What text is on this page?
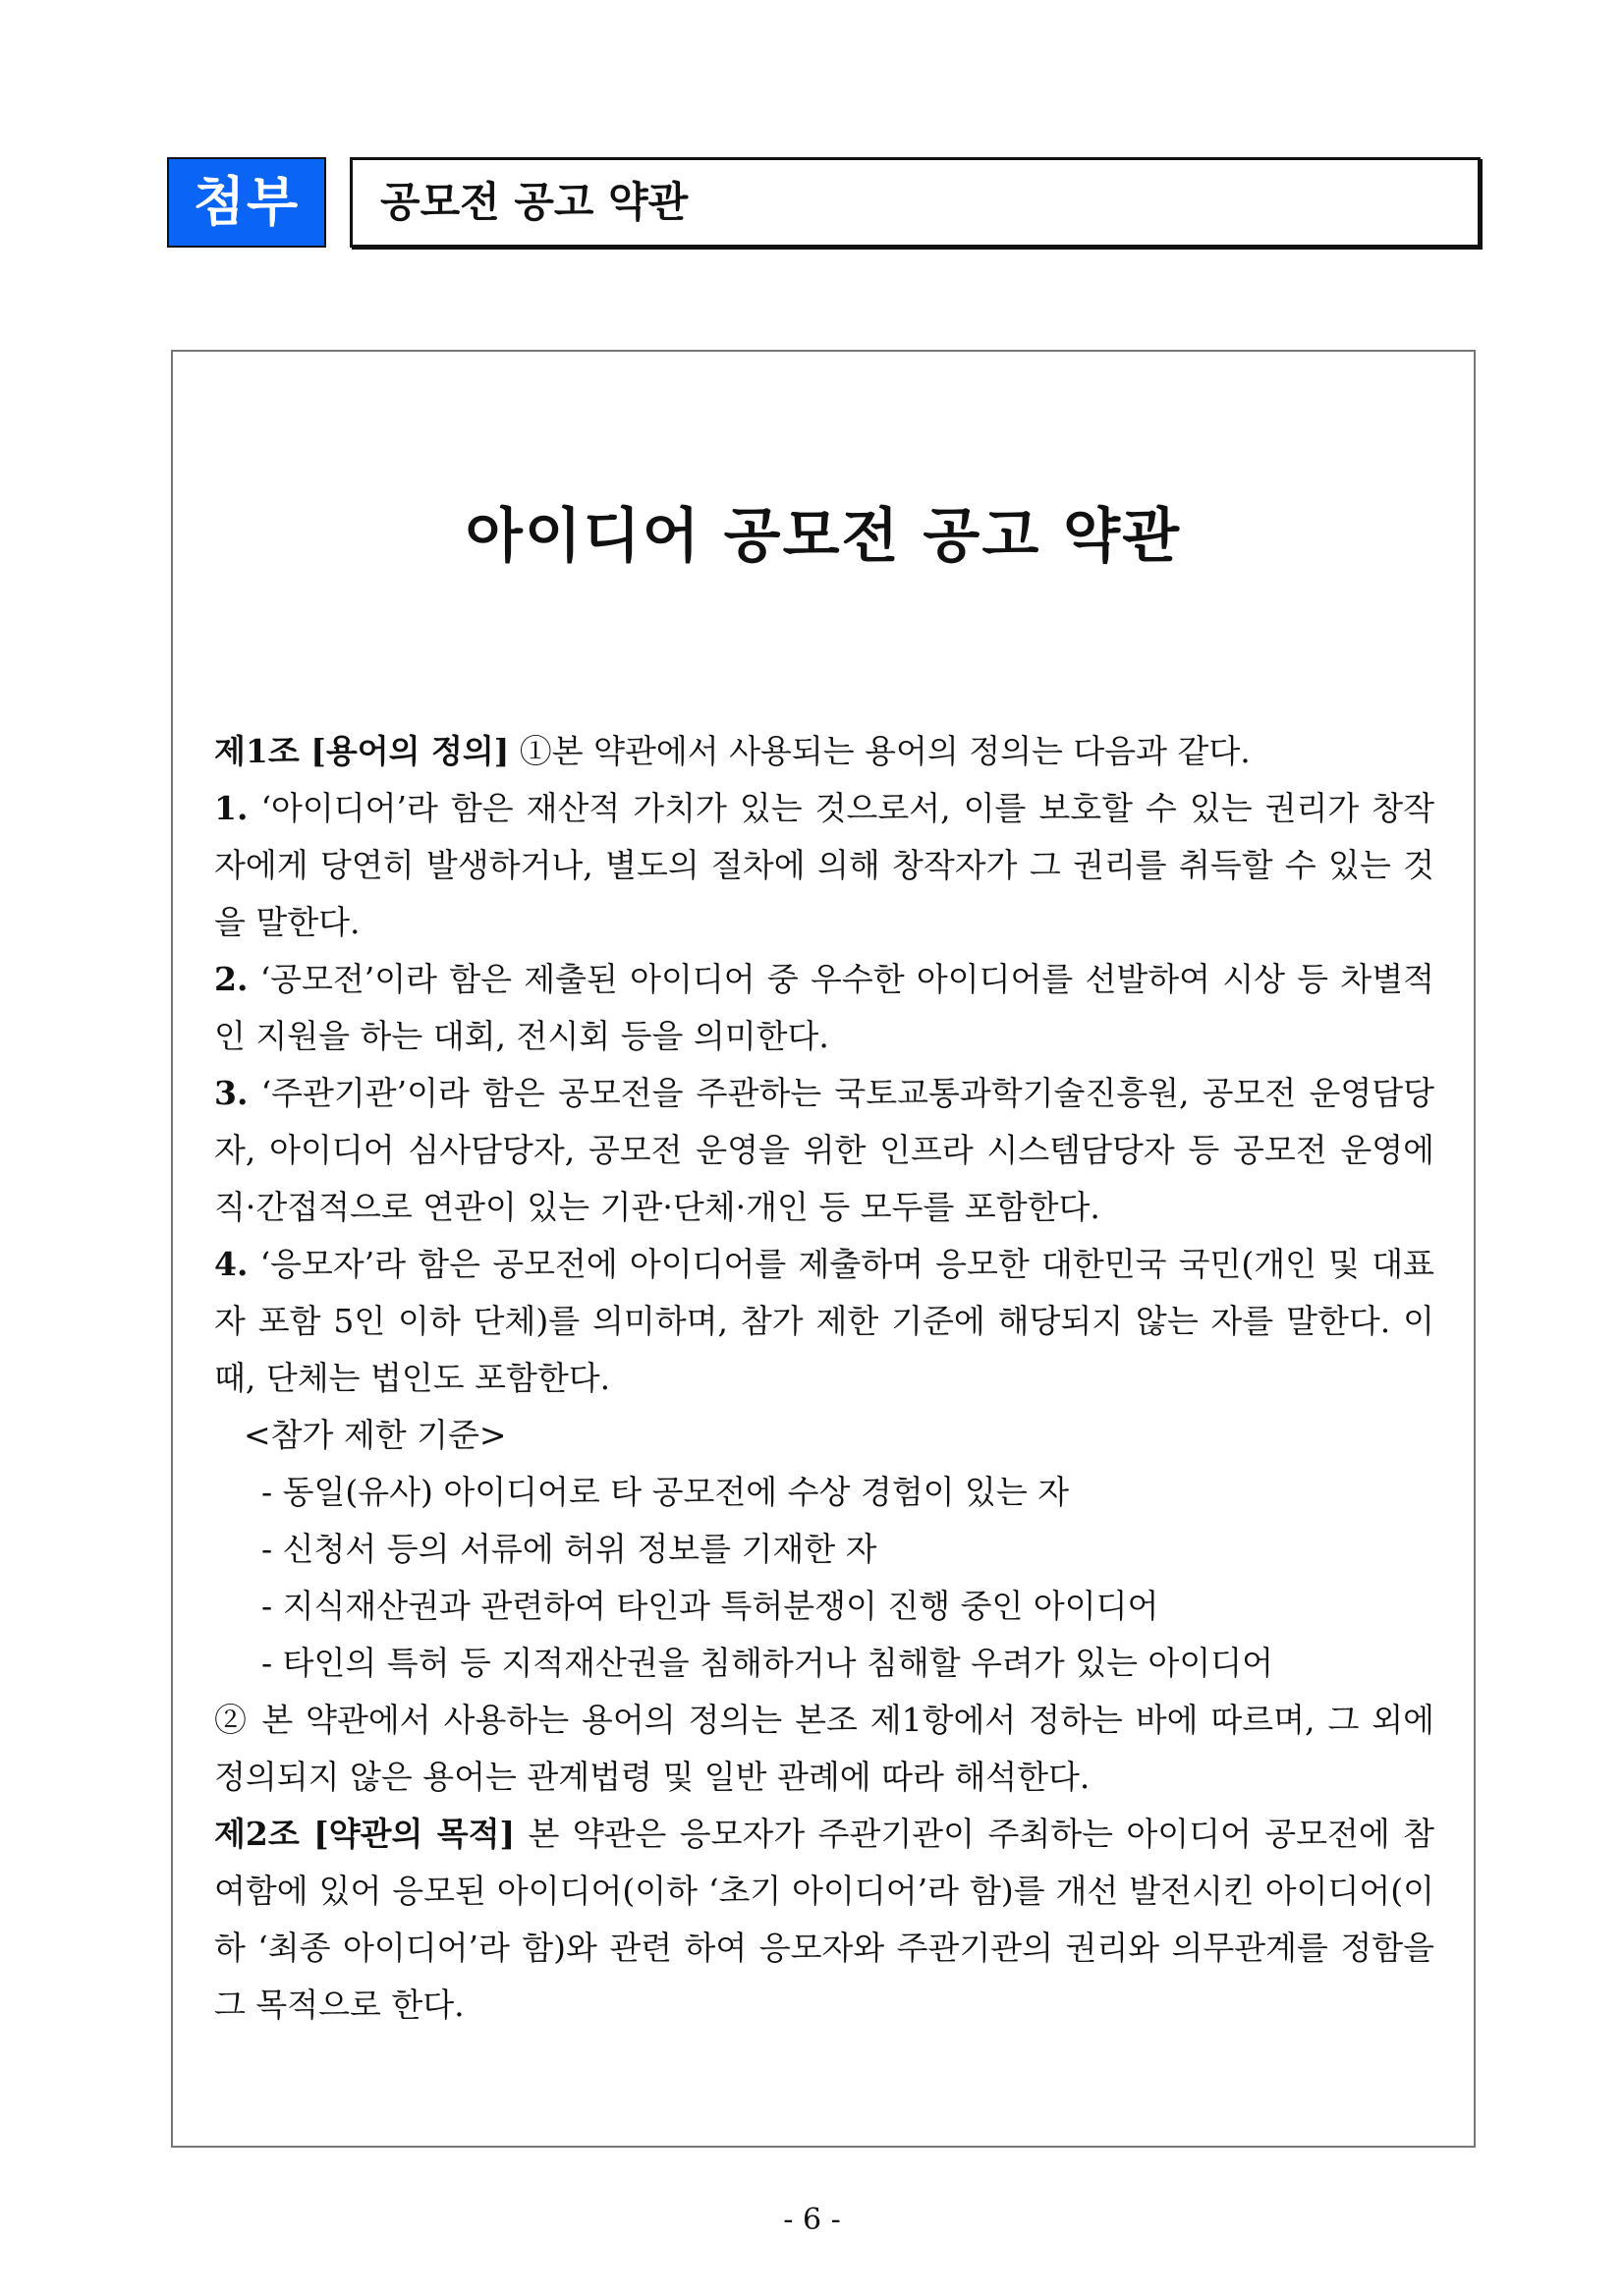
첨부	공모전 공고 약관
아이디어 공모전 공고 약관

제1조 [용어의 정의] ①본 약관에서 사용되는 용어의 정의는 다음과 같다.

1. ‘아이디어’라 함은 재산적 가치가 있는 것으로서, 이를 보호할 수 있는 권리가 창작자에게 당연히 발생하거나, 별도의 절차에 의해 창작자가 그 권리를 취득할 수 있는 것을 말한다.

2. ‘공모전’이라 함은 제출된 아이디어 중 우수한 아이디어를 선발하여 시상 등 차별적인 지원을 하는 대회, 전시회 등을 의미한다.

3. ‘주관기관’이라 함은 공모전을 주관하는 국토교통과학기술진흥원, 공모전 운영담당자, 아이디어 심사담당자, 공모전 운영을 위한 인프라 시스템담당자 등 공모전 운영에 직·간접적으로 연관이 있는 기관·단체·개인 등 모두를 포함한다.

4. ‘응모자’라 함은 공모전에 아이디어를 제출하며 응모한 대한민국 국민(개인 및 대표자 포함 5인 이하 단체)를 의미하며, 참가 제한 기준에 해당되지 않는 자를 말한다. 이 때, 단체는 법인도 포함한다.

<참가 제한 기준>

- 동일(유사) 아이디어로 타 공모전에 수상 경험이 있는 자

- 신청서 등의 서류에 허위 정보를 기재한 자

- 지식재산권과 관련하여 타인과 특허분쟁이 진행 중인 아이디어

- 타인의 특허 등 지적재산권을 침해하거나 침해할 우려가 있는 아이디어

② 본 약관에서 사용하는 용어의 정의는 본조 제1항에서 정하는 바에 따르며, 그 외에 정의되지 않은 용어는 관계법령 및 일반 관례에 따라 해석한다.

제2조 [약관의 목적] 본 약관은 응모자가 주관기관이 주최하는 아이디어 공모전에 참여함에 있어 응모된 아이디어(이하 ‘초기 아이디어’라 함)를 개선 발전시킨 아이디어(이하 ‘최종 아이디어’라 함)와 관련 하여 응모자와 주관기관의 권리와 의무관계를 정함을 그 목적으로 한다.

- 6 -
